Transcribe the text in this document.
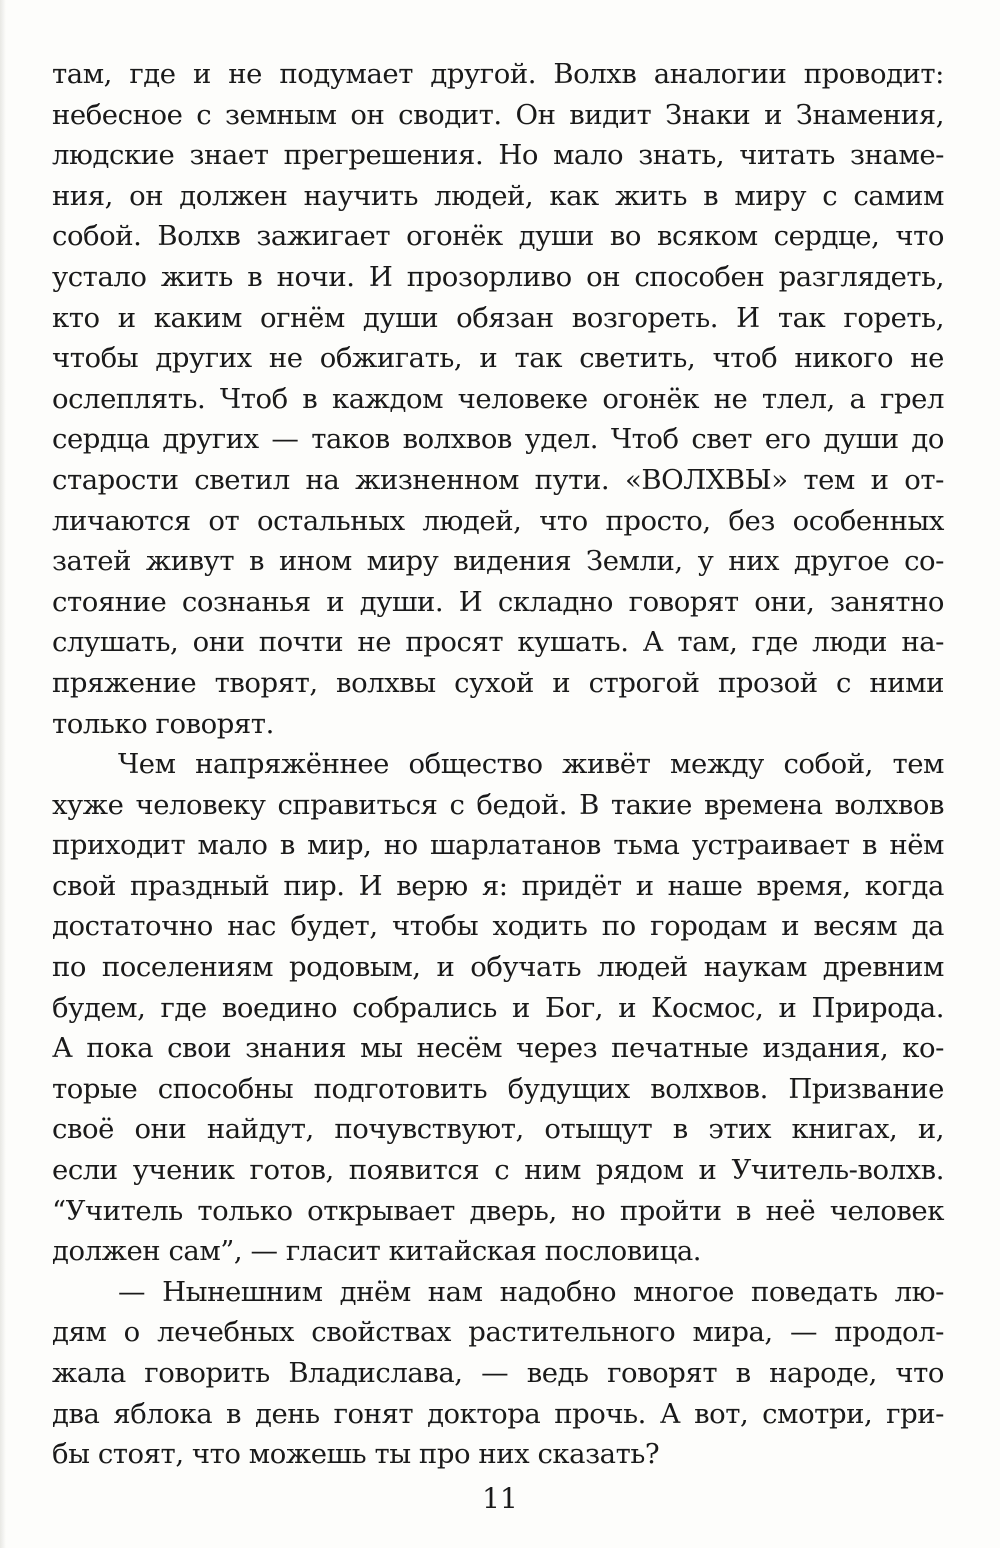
там, где и не подумает другой. Волхв аналогии проводит:
небесное с земным он сводит. Он видит Знаки и Знамения,
людские знает прегрешения. Но мало знать, читать знаме-
ния, он должен научить людей, как жить в миру с самим
собой. Волхв зажигает огонёк души во всяком сердце, что
устало жить в ночи. И прозорливо он способен разглядеть,
кто и каким огнём души обязан возгореть. И так гореть,
чтобы других не обжигать, и так светить, чтоб никого не
ослеплять. Чтоб в каждом человеке огонёк не тлел, а грел
сердца других — таков волхвов удел. Чтоб свет его души до
старости светил на жизненном пути. «ВОЛХВЫ» тем и от-
личаются от остальных людей, что просто, без особенных
затей живут в ином миру видения Земли, у них другое со-
стояние сознанья и души. И складно говорят они, занятно
слушать, они почти не просят кушать. А там, где люди на-
пряжение творят, волхвы сухой и строгой прозой с ними
только говорят.
Чем напряжённее общество живёт между собой, тем
хуже человеку справиться с бедой. В такие времена волхвов
приходит мало в мир, но шарлатанов тьма устраивает в нём
свой праздный пир. И верю я: придёт и наше время, когда
достаточно нас будет, чтобы ходить по городам и весям да
по поселениям родовым, и обучать людей наукам древним
будем, где воедино собрались и Бог, и Космос, и Природа.
А пока свои знания мы несём через печатные издания, ко-
торые способны подготовить будущих волхвов. Призвание
своё они найдут, почувствуют, отыщут в этих книгах, и,
если ученик готов, появится с ним рядом и Учитель-волхв.
“Учитель только открывает дверь, но пройти в неё человек
должен сам”, — гласит китайская пословица.
— Нынешним днём нам надобно многое поведать лю-
дям о лечебных свойствах растительного мира, — продол-
жала говорить Владислава, — ведь говорят в народе, что
два яблока в день гонят доктора прочь. А вот, смотри, гри-
бы стоят, что можешь ты про них сказать?
11
